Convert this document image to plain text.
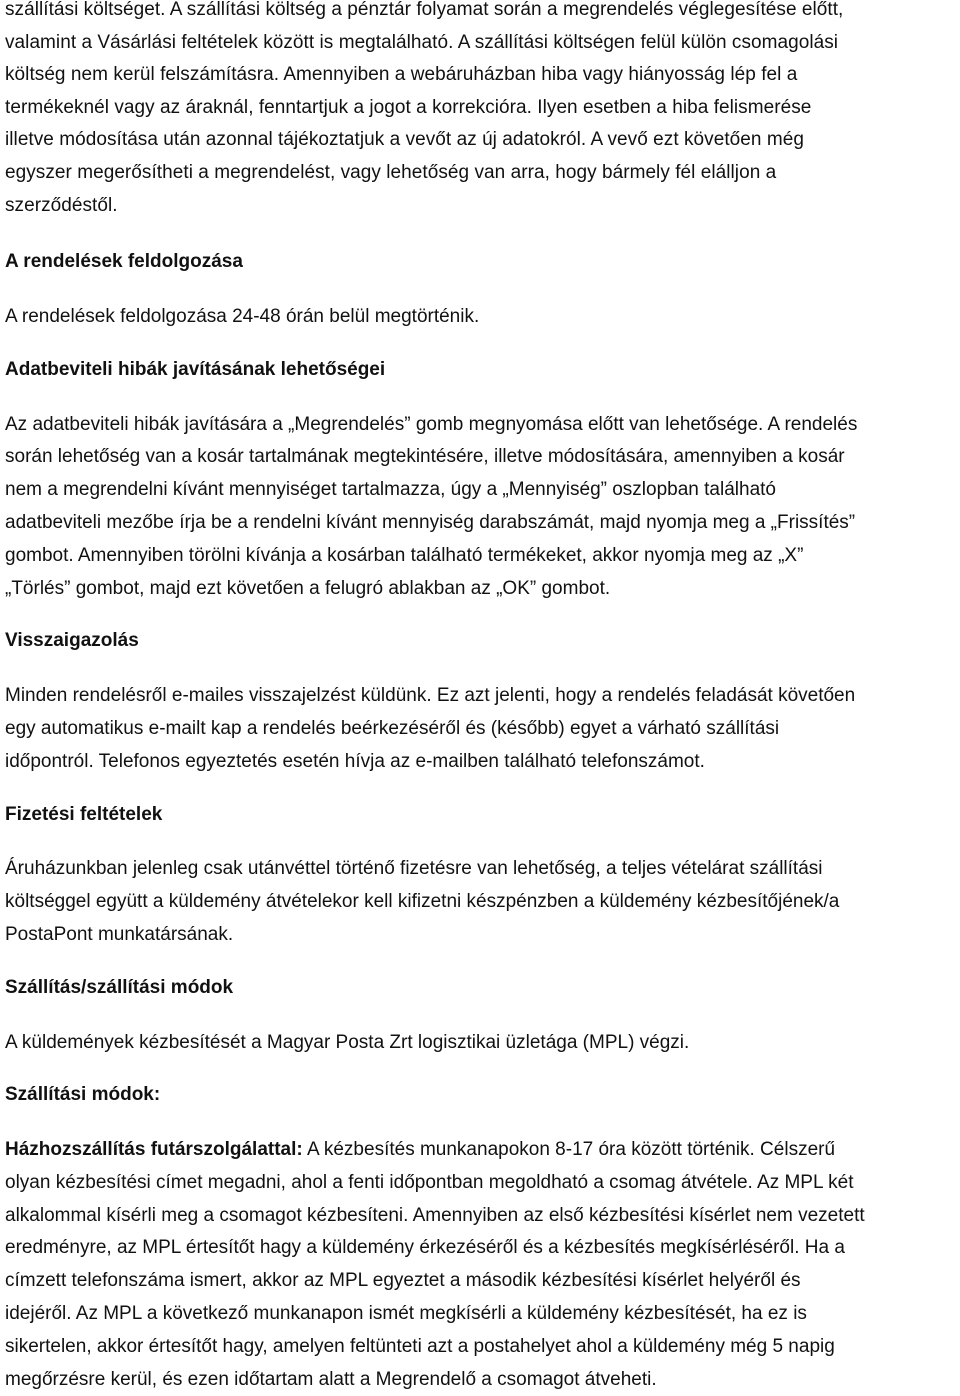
szállítási költséget. A szállítási költség a pénztár folyamat során a megrendelés véglegesítése előtt,
valamint a Vásárlási feltételek között is megtalálható. A szállítási költségen felül külön csomagolási
költség nem kerül felszámításra. Amennyiben a webáruházban hiba vagy hiányosság lép fel a
termékeknél vagy az áraknál, fenntartjuk a jogot a korrekcióra. Ilyen esetben a hiba felismerése
illetve módosítása után azonnal tájékoztatjuk a vevőt az új adatokról. A vevő ezt követően még
egyszer megerősítheti a megrendelést, vagy lehetőség van arra, hogy bármely fél elálljon a
szerződéstől.
A rendelések feldolgozása
A rendelések feldolgozása 24-48 órán belül megtörténik.
Adatbeviteli hibák javításának lehetőségei
Az adatbeviteli hibák javítására a „Megrendelés” gomb megnyomása előtt van lehetősége. A rendelés
során lehetőség van a kosár tartalmának megtekintésére, illetve módosítására, amennyiben a kosár
nem a megrendelni kívánt mennyiséget tartalmazza, úgy a „Mennyiség” oszlopban található
adatbeviteli mezőbe írja be a rendelni kívánt mennyiség darabszámát, majd nyomja meg a „Frissítés”
gombot. Amennyiben törölni kívánja a kosárban található termékeket, akkor nyomja meg az „X”
„Törlés” gombot, majd ezt követően a felugró ablakban az „OK” gombot.
Visszaigazolás
Minden rendelésről e-mailes visszajelzést küldünk. Ez azt jelenti, hogy a rendelés feladását követően
egy automatikus e-mailt kap a rendelés beérkezéséről és (később) egyet a várható szállítási
időpontról. Telefonos egyeztetés esetén hívja az e-mailben található telefonszámot.
Fizetési feltételek
Áruházunkban jelenleg csak utánvéttel történő fizetésre van lehetőség, a teljes vételárat szállítási
költséggel együtt a küldemény átvételekor kell kifizetni készpénzben a küldemény kézbesítőjének/a
PostaPont munkatársának.
Szállítás/szállítási módok
A küldemények kézbesítését a Magyar Posta Zrt logisztikai üzletága (MPL) végzi.
Szállítási módok:
Házhozszállítás futárszolgálattal: A kézbesítés munkanapokon 8-17 óra között történik. Célszerű
olyan kézbesítési címet megadni, ahol a fenti időpontban megoldható a csomag átvétele. Az MPL két
alkalommal kísérli meg a csomagot kézbesíteni. Amennyiben az első kézbesítési kísérlet nem vezetett
eredményre, az MPL értesítőt hagy a küldemény érkezéséről és a kézbesítés megkísérléséről. Ha a
címzett telefonszáma ismert, akkor az MPL egyeztet a második kézbesítési kísérlet helyéről és
idejéről. Az MPL a következő munkanapon ismét megkísérli a küldemény kézbesítését, ha ez is
sikertelen, akkor értesítőt hagy, amelyen feltünteti azt a postahelyet ahol a küldemény még 5 napig
megőrzésre kerül, és ezen időtartam alatt a Megrendelő a csomagot átveheti.
